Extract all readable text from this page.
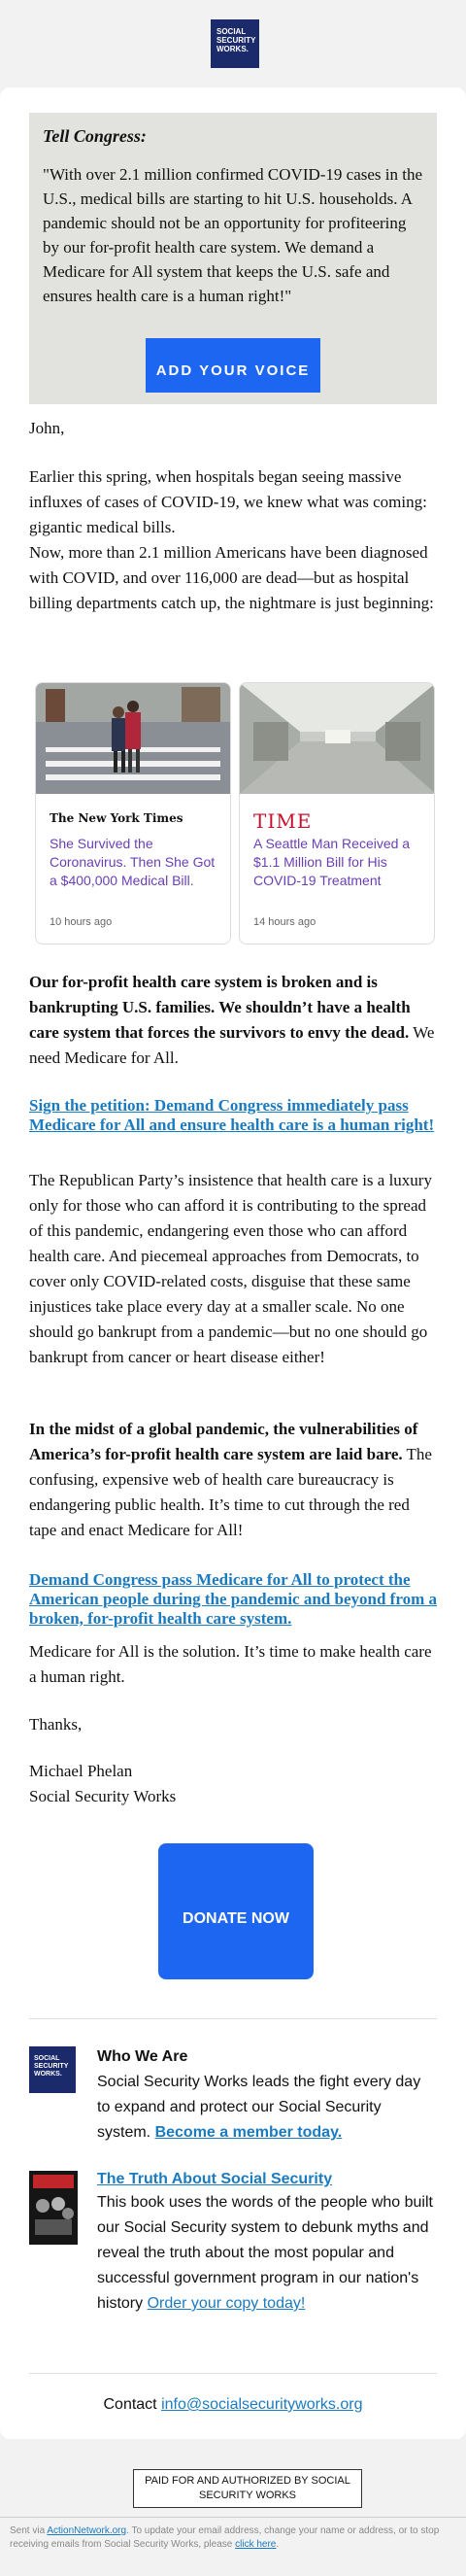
SOCIAL
SECURITY
WORKS.
Tell Congress:
"With over 2.1 million confirmed COVID-19 cases in the U.S., medical bills are starting to hit U.S. households. A pandemic should not be an opportunity for profiteering by our for-profit health care system. We demand a Medicare for All system that keeps the U.S. safe and ensures health care is a human right!"
ADD YOUR VOICE
John,
Earlier this spring, when hospitals began seeing massive influxes of cases of COVID-19, we knew what was coming: gigantic medical bills.
Now, more than 2.1 million Americans have been diagnosed with COVID, and over 116,000 are dead—but as hospital billing departments catch up, the nightmare is just beginning:
The New York Times
She Survived the Coronavirus. Then She Got a $400,000 Medical Bill.
10 hours ago
TIME
A Seattle Man Received a $1.1 Million Bill for His COVID-19 Treatment
14 hours ago
Our for-profit health care system is broken and is bankrupting U.S. families. We shouldn’t have a health care system that forces the survivors to envy the dead. We need Medicare for All.
Sign the petition: Demand Congress immediately pass Medicare for All and ensure health care is a human right!
The Republican Party’s insistence that health care is a luxury only for those who can afford it is contributing to the spread of this pandemic, endangering even those who can afford health care. And piecemeal approaches from Democrats, to cover only COVID-related costs, disguise that these same injustices take place every day at a smaller scale. No one should go bankrupt from a pandemic—but no one should go bankrupt from cancer or heart disease either!
In the midst of a global pandemic, the vulnerabilities of America’s for-profit health care system are laid bare. The confusing, expensive web of health care bureaucracy is endangering public health. It’s time to cut through the red tape and enact Medicare for All!
Demand Congress pass Medicare for All to protect the American people during the pandemic and beyond from a broken, for-profit health care system.
Medicare for All is the solution. It’s time to make health care a human right.
Thanks,
Michael Phelan
Social Security Works
DONATE NOW
SOCIAL
SECURITY
WORKS.
Who We Are
Social Security Works leads the fight every day to expand and protect our Social Security system. Become a member today.
The Truth About Social Security
This book uses the words of the people who built our Social Security system to debunk myths and reveal the truth about the most popular and successful government program in our nation's history Order your copy today!
Contact info@socialsecurityworks.org
PAID FOR AND AUTHORIZED BY SOCIAL SECURITY WORKS
Sent via ActionNetwork.org. To update your email address, change your name or address, or to stop receiving emails from Social Security Works, please click here.
